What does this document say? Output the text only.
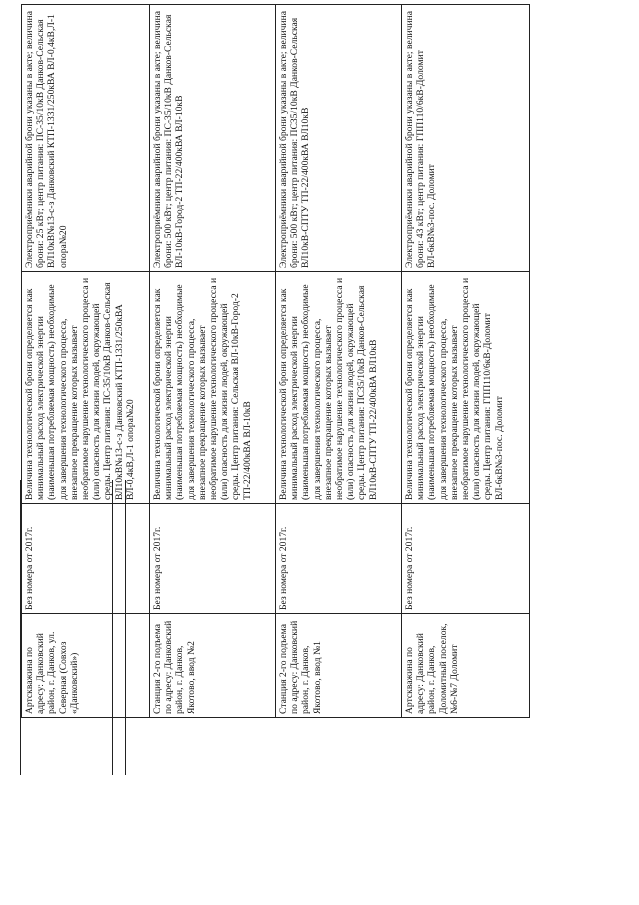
Артскважина по адресу: Данковский район, г. Данков, ул. Северная (Совхоз «Данковский»)	Без номера от 2017г.	Величина технологической брони определяется как минимальный расход электрической энергии (наименьшая потребляемая мощность) необходимые для завершения технологического процесса, внезапное прекращение которых вызывает необратимое нарушение технологического процесса и (или) опасность для жизни людей, окружающей среды. Центр питания: ПС-35/10кВ Данков-Сельская ВЛ10кВ№13-с-з Данковский КТП-1331/250кВА ВЛ-0,4кВ,Л-1 опора№20	Электроприёмники аварийной брони указаны в акте; величина брони: 25 кВт; центр питания: ПС-35/10кВ Данков-Сельская ВЛ10кВ№13-с-з Данковский КТП-1331/250кВА ВЛ-0,4кВ,Л-1 опора№20
Станция 2-го подъема по адресу: Данковский район, г. Данков, Якотово, ввод №2	Без номера от 2017г.	Величина технологической брони определяется как минимальный расход электрической энергии (наименьшая потребляемая мощность) необходимые для завершения технологического процесса, внезапное прекращение которых вызывает необратимое нарушение технологического процесса и (или) опасность для жизни людей, окружающей среды. Центр питания: Сельская ВЛ-10кВ-Город-2 ТП-22/400кВА ВЛ-10кВ	Электроприёмники аварийной брони указаны в акте; величина брони: 500 кВт; центр питания: ПС-35/10кВ Данков-Сельская ВЛ-10кВ-Город-2 ТП-22/400кВА ВЛ-10кВ
Станция 2-го подъема по адресу: Данковский район, г. Данков, Якотово, ввод №1	Без номера от 2017г.	Величина технологической брони определяется как минимальный расход электрической энергии (наименьшая потребляемая мощность) необходимые для завершения технологического процесса, внезапное прекращение которых вызывает необратимое нарушение технологического процесса и (или) опасность для жизни людей, окружающей среды. Центр питания: ПС35/10кВ Данков-Сельская ВЛ10кВ-СПТУ ТП-22/400кВА ВЛ10кВ	Электроприёмники аварийной брони указаны в акте; величина брони: 500 кВт; центр питания: ПС35/10кВ Данков-Сельская ВЛ10кВ-СПТУ ТП-22/400кВА ВЛ10кВ
Артскважина по адресу: Данковский район, г. Данков, Доломитный поселок, №6-№7 Доломит	Без номера от 2017г.	Величина технологической брони определяется как минимальный расход электрической энергии (наименьшая потребляемая мощность) необходимые для завершения технологического процесса, внезапное прекращение которых вызывает необратимое нарушение технологического процесса и (или) опасность для жизни людей, окружающей среды. Центр питания: ГПП110/6кВ-Доломит ВЛ-6кВ№3-пос. Доломит	Электроприёмники аварийной брони указаны в акте; величина брони: 43 кВт; центр питания: ГПП110/6кВ-Доломит ВЛ-6кВ№3-пос. Доломит
